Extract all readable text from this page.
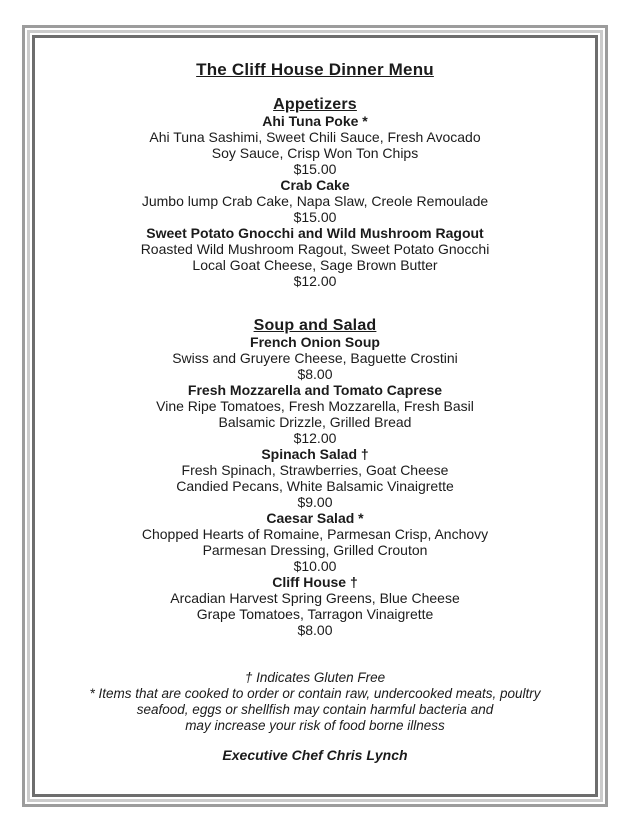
The Cliff House Dinner Menu
Appetizers
Ahi Tuna Poke *
Ahi Tuna Sashimi, Sweet Chili Sauce, Fresh Avocado
Soy Sauce, Crisp Won Ton Chips
$15.00
Crab Cake
Jumbo lump Crab Cake, Napa Slaw, Creole Remoulade
$15.00
Sweet Potato Gnocchi and Wild Mushroom Ragout
Roasted Wild Mushroom Ragout, Sweet Potato Gnocchi
Local Goat Cheese, Sage Brown Butter
$12.00
Soup and Salad
French Onion Soup
Swiss and Gruyere Cheese, Baguette Crostini
$8.00
Fresh Mozzarella and Tomato Caprese
Vine Ripe Tomatoes, Fresh Mozzarella, Fresh Basil
Balsamic Drizzle, Grilled Bread
$12.00
Spinach Salad †
Fresh Spinach, Strawberries, Goat Cheese
Candied Pecans, White Balsamic Vinaigrette
$9.00
Caesar Salad *
Chopped Hearts of Romaine, Parmesan Crisp, Anchovy
Parmesan Dressing, Grilled Crouton
$10.00
Cliff House †
Arcadian Harvest Spring Greens, Blue Cheese
Grape Tomatoes, Tarragon Vinaigrette
$8.00
† Indicates Gluten Free
* Items that are cooked to order or contain raw, undercooked meats, poultry
seafood, eggs or shellfish may contain harmful bacteria and
may increase your risk of food borne illness
Executive Chef Chris Lynch
